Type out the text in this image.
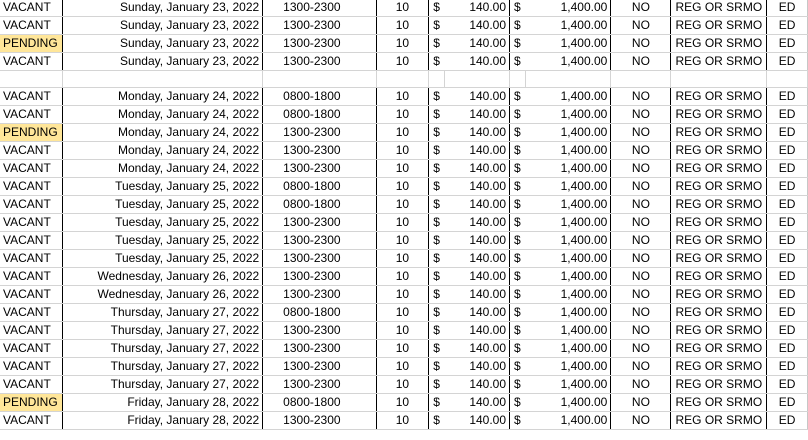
VACANT	Sunday, January 23, 2022	1300-2300	10	$	140.00	$	1,400.00	NO	REG OR SRMO	ED
VACANT	Sunday, January 23, 2022	1300-2300	10	$	140.00	$	1,400.00	NO	REG OR SRMO	ED
PENDING	Sunday, January 23, 2022	1300-2300	10	$	140.00	$	1,400.00	NO	REG OR SRMO	ED
VACANT	Sunday, January 23, 2022	1300-2300	10	$	140.00	$	1,400.00	NO	REG OR SRMO	ED

VACANT	Monday, January 24, 2022	0800-1800	10	$	140.00	$	1,400.00	NO	REG OR SRMO	ED
VACANT	Monday, January 24, 2022	0800-1800	10	$	140.00	$	1,400.00	NO	REG OR SRMO	ED
PENDING	Monday, January 24, 2022	1300-2300	10	$	140.00	$	1,400.00	NO	REG OR SRMO	ED
VACANT	Monday, January 24, 2022	1300-2300	10	$	140.00	$	1,400.00	NO	REG OR SRMO	ED
VACANT	Monday, January 24, 2022	1300-2300	10	$	140.00	$	1,400.00	NO	REG OR SRMO	ED
VACANT	Tuesday, January 25, 2022	0800-1800	10	$	140.00	$	1,400.00	NO	REG OR SRMO	ED
VACANT	Tuesday, January 25, 2022	0800-1800	10	$	140.00	$	1,400.00	NO	REG OR SRMO	ED
VACANT	Tuesday, January 25, 2022	1300-2300	10	$	140.00	$	1,400.00	NO	REG OR SRMO	ED
VACANT	Tuesday, January 25, 2022	1300-2300	10	$	140.00	$	1,400.00	NO	REG OR SRMO	ED
VACANT	Tuesday, January 25, 2022	1300-2300	10	$	140.00	$	1,400.00	NO	REG OR SRMO	ED
VACANT	Wednesday, January 26, 2022	1300-2300	10	$	140.00	$	1,400.00	NO	REG OR SRMO	ED
VACANT	Wednesday, January 26, 2022	1300-2300	10	$	140.00	$	1,400.00	NO	REG OR SRMO	ED
VACANT	Thursday, January 27, 2022	0800-1800	10	$	140.00	$	1,400.00	NO	REG OR SRMO	ED
VACANT	Thursday, January 27, 2022	1300-2300	10	$	140.00	$	1,400.00	NO	REG OR SRMO	ED
VACANT	Thursday, January 27, 2022	1300-2300	10	$	140.00	$	1,400.00	NO	REG OR SRMO	ED
VACANT	Thursday, January 27, 2022	1300-2300	10	$	140.00	$	1,400.00	NO	REG OR SRMO	ED
VACANT	Thursday, January 27, 2022	1300-2300	10	$	140.00	$	1,400.00	NO	REG OR SRMO	ED
PENDING	Friday, January 28, 2022	0800-1800	10	$	140.00	$	1,400.00	NO	REG OR SRMO	ED
VACANT	Friday, January 28, 2022	1300-2300	10	$	140.00	$	1,400.00	NO	REG OR SRMO	ED
